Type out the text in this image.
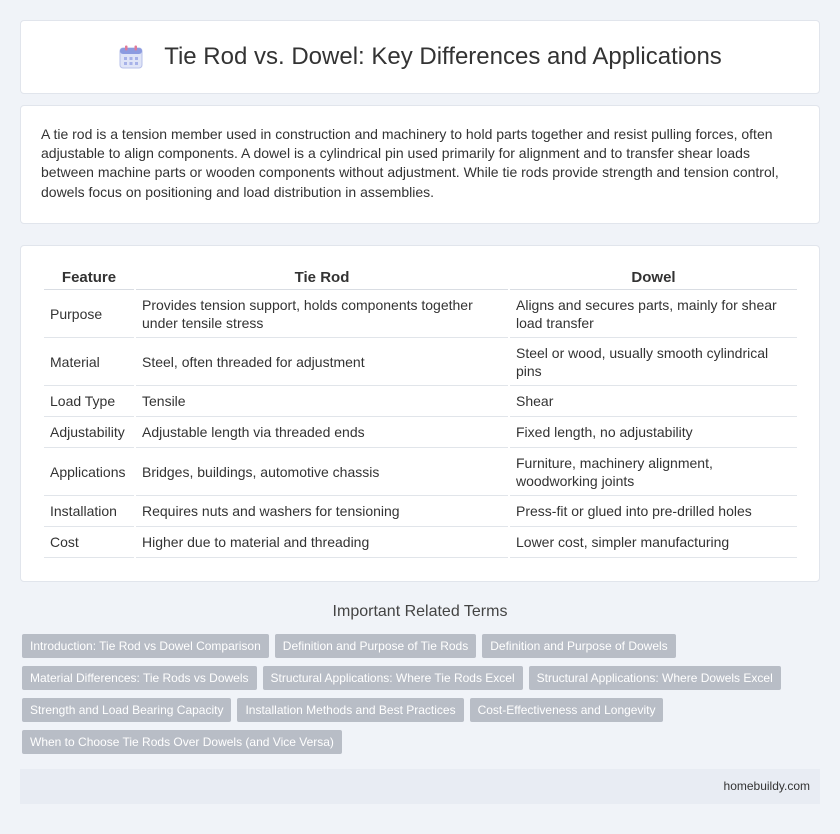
Tie Rod vs. Dowel: Key Differences and Applications

A tie rod is a tension member used in construction and machinery to hold parts together and resist pulling forces, often adjustable to align components. A dowel is a cylindrical pin used primarily for alignment and to transfer shear loads between machine parts or wooden components without adjustment. While tie rods provide strength and tension control, dowels focus on positioning and load distribution in assemblies.

Feature	Tie Rod	Dowel
Purpose	Provides tension support, holds components together under tensile stress	Aligns and secures parts, mainly for shear load transfer
Material	Steel, often threaded for adjustment	Steel or wood, usually smooth cylindrical pins
Load Type	Tensile	Shear
Adjustability	Adjustable length via threaded ends	Fixed length, no adjustability
Applications	Bridges, buildings, automotive chassis	Furniture, machinery alignment, woodworking joints
Installation	Requires nuts and washers for tensioning	Press-fit or glued into pre-drilled holes
Cost	Higher due to material and threading	Lower cost, simpler manufacturing
Important Related Terms
Introduction: Tie Rod vs Dowel Comparison	Definition and Purpose of Tie Rods	Definition and Purpose of Dowels
Material Differences: Tie Rods vs Dowels	Structural Applications: Where Tie Rods Excel	Structural Applications: Where Dowels Excel
Strength and Load Bearing Capacity	Installation Methods and Best Practices	Cost-Effectiveness and Longevity
When to Choose Tie Rods Over Dowels (and Vice Versa)
homebuildy.com
